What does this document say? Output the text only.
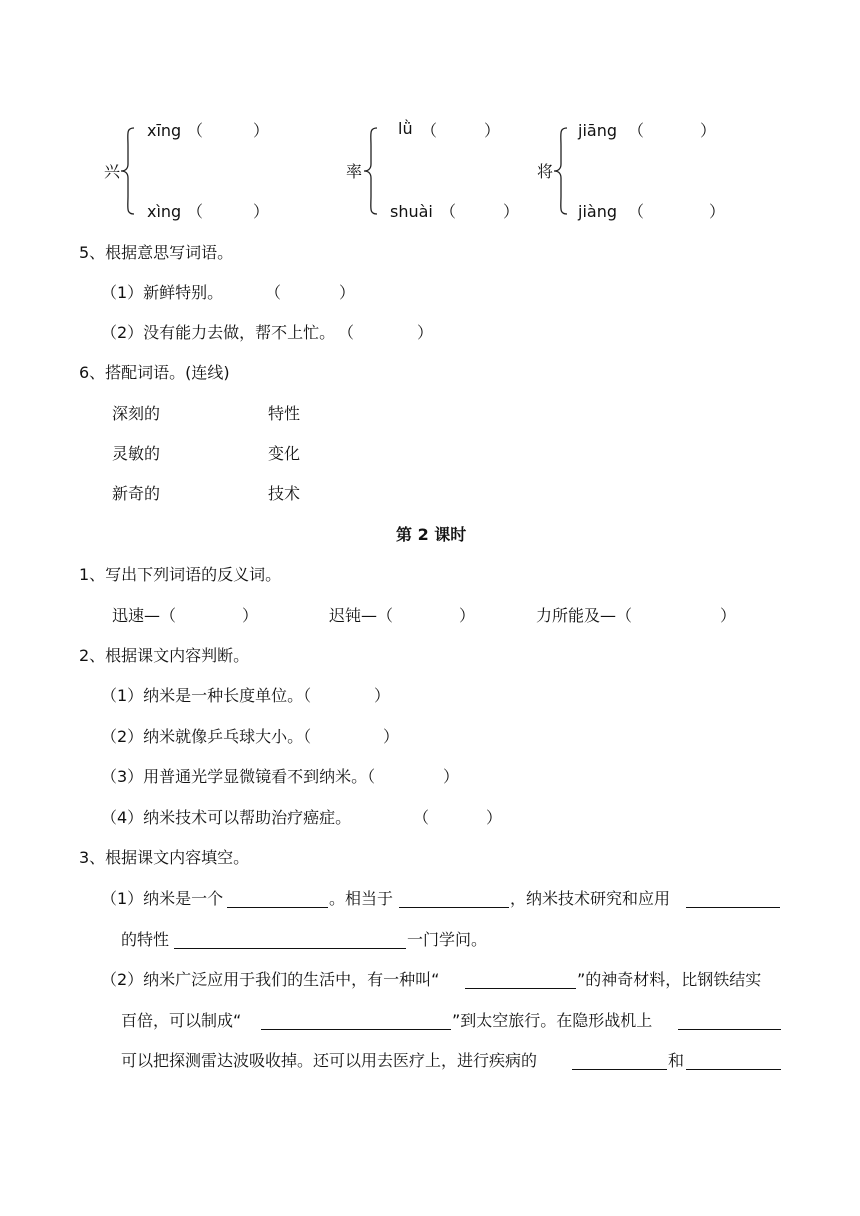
兴
xīng （	）
xìng （	）
率
lǜ （	）
shuài （	）
将
jiāng （	）
jiàng （	）
5、根据意思写词语。
（1）新鲜特别。	（	）
（2）没有能力去做，帮不上忙。 （	）
6、搭配词语。(连线)
深刻的	特性
灵敏的	变化
新奇的	技术
第 2 课时
1、写出下列词语的反义词。
迅速—（	）	迟钝—（	）	力所能及—（	）
2、根据课文内容判断。
（1）纳米是一种长度单位。（	）
（2）纳米就像乒乓球大小。（	）
（3）用普通光学显微镜看不到纳米。（	）
（4）纳米技术可以帮助治疗癌症。	（	）
3、根据课文内容填空。
（1）纳米是一个	。相当于	，纳米技术研究和应用
的特性	一门学问。
（2）纳米广泛应用于我们的生活中，有一种叫“	”的神奇材料，比钢铁结实
百倍，可以制成“	”到太空旅行。在隐形战机上
可以把探测雷达波吸收掉。还可以用去医疗上，进行疾病的	和
